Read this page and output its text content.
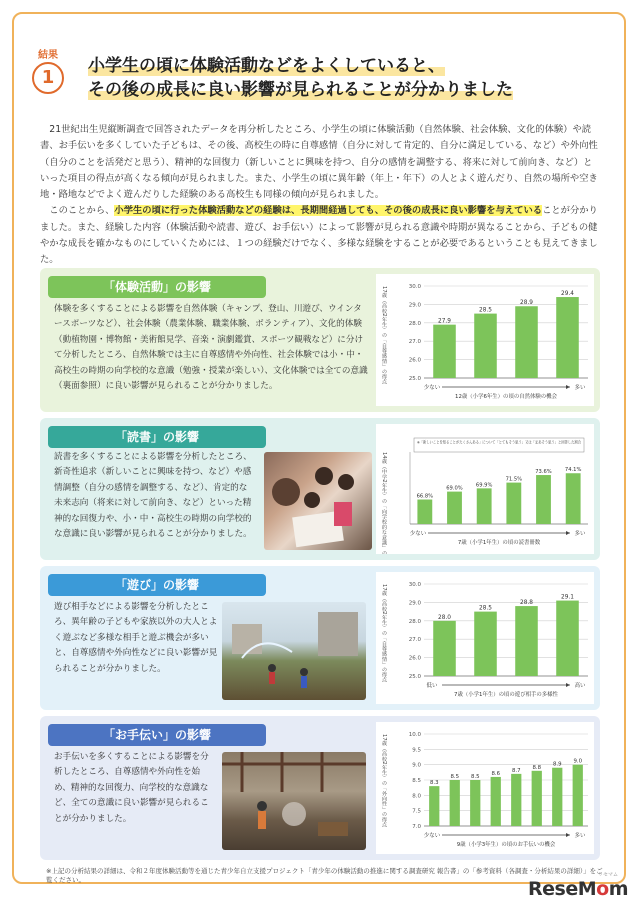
結果
1
小学生の頃に体験活動などをよくしていると、
その後の成長に良い影響が見られることが分かりました

21世紀出生児縦断調査で回答されたデータを再分析したところ、小学生の頃に体験活動（自然体験、社会体験、文化的体験）や読書、お手伝いを多くしていた子どもは、その後、高校生の時に自尊感情（自分に対して肯定的、自分に満足している、など）や外向性（自分のことを活発だと思う）、精神的な回復力（新しいことに興味を持つ、自分の感情を調整する、将来に対して前向き、など）といった項目の得点が高くなる傾向が見られました。また、小学生の頃に異年齢（年上・年下）の人とよく遊んだり、自然の場所や空き地・路地などでよく遊んだりした経験のある高校生も同様の傾向が見られました。

このことから、小学生の頃に行った体験活動などの経験は、長期間経過しても、その後の成長に良い影響を与えていることが分かりました。また、経験した内容（体験活動や読書、遊び、お手伝い）によって影響が見られる意識や時期が異なることから、子どもの健やかな成長を確かなものにしていくためには、１つの経験だけでなく、多様な経験をすることが必要であるということも見えてきました。

「体験活動」の影響
体験を多くすることによる影響を自然体験（キャンプ、登山、川遊び、ウインタースポーツなど）、社会体験（農業体験、職業体験、ボランティア）、文化的体験（動植物園・博物館・美術館見学、音楽・演劇鑑賞、スポーツ観戦など）に分けて分析したところ、自然体験では主に自尊感情や外向性、社会体験では小・中・高校生の時期の向学校的な意識（勉強・授業が楽しい）、文化体験では全ての意識（裏面参照）に良い影響が見られることが分かりました。
17歳（高校2年生）の「自尊感情」の得点	25.0
26.0
27.0
28.0
29.0
30.0
27.9
28.5
28.9
29.4
少ない	多い
12歳（小学6年生）の頃の自然体験の機会
「読書」の影響
読書を多くすることによる影響を分析したところ、新奇性追求（新しいことに興味を持つ、など）や感情調整（自分の感情を調整する、など）、肯定的な未来志向（将来に対して前向き、など）といった精神的な回復力や、小・中・高校生の時期の向学校的な意識に良い影響が見られることが分かりました。	14歳（中学2年生）の「向学校的な意識」の割合
※「新しいことを知ることがたくさんある」について「とてもそう思う」又は「まあそう思う」と回答した割合
66.8%
69.0%
69.9%
71.5%
73.6%	74.1%
少ない	多い
7歳（小学1年生）の頃の読書冊数
「遊び」の影響
遊び相手などによる影響を分析したところ、異年齢の子どもや家族以外の大人とよく遊ぶなど多様な相手と遊ぶ機会が多いと、自尊感情や外向性などに良い影響が見られることが分かりました。	17歳（高校2年生）の「自尊感情」の得点	25.0
26.0
27.0
28.0
29.0
30.0
28.0
28.5
28.8
29.1
低い	高い
7歳（小学1年生）の頃の遊び相手の多様性
「お手伝い」の影響
お手伝いを多くすることによる影響を分析したところ、自尊感情や外向性を始め、精神的な回復力、向学校的な意識など、全ての意識に良い影響が見られることが分かりました。	17歳（高校2年生）の「外向性」の得点	7.0
7.5
8.0
8.5
9.0
9.5
10.0
8.3
8.5 8.5
8.6
8.7
8.8
8.9
9.0
少ない	多い
9歳（小学3年生）の頃のお手伝いの機会
※上記の分析結果の詳細は、令和２年度体験活動等を通じた青少年自立支援プロジェクト「青少年の体験活動の推進に関する調査研究 報告書」の「参考資料（各調査・分析結果の詳細）」をご覧ください。	ReseMom
リセマム
